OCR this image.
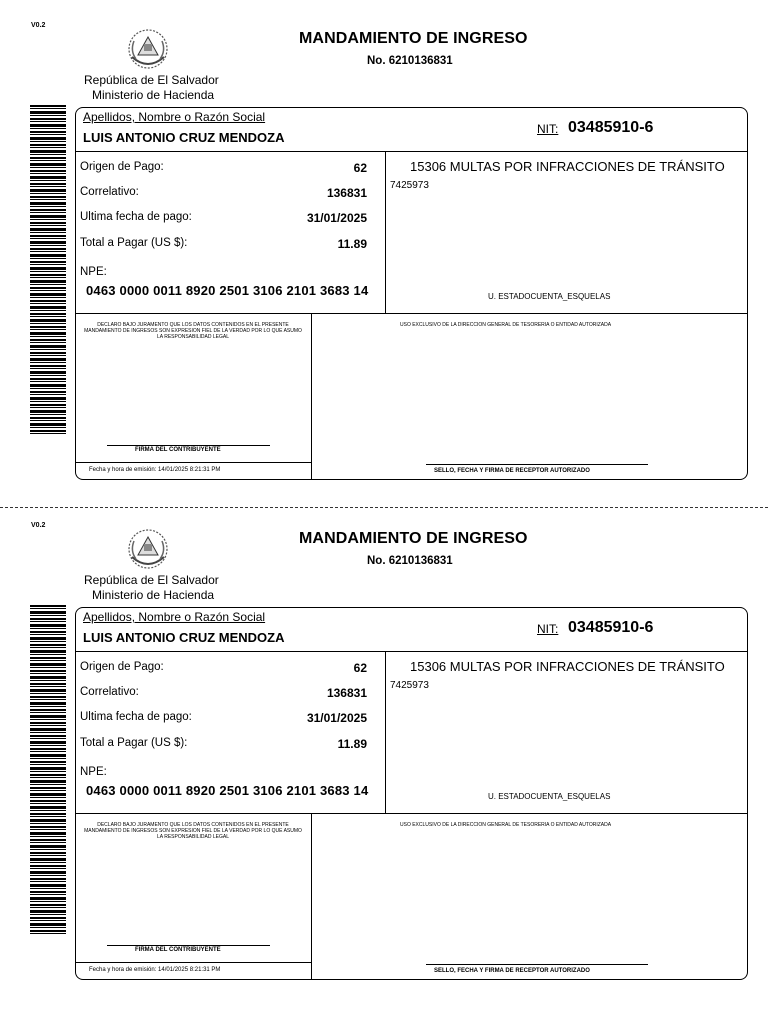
V0.2
República de El Salvador
Ministerio de Hacienda
MANDAMIENTO DE INGRESO
No. 6210136831
Apellidos, Nombre o Razón Social
LUIS ANTONIO CRUZ MENDOZA
NIT: 03485910-6
Origen de Pago:	62
Correlativo:	136831
Ultima fecha de pago:	31/01/2025
Total a Pagar (US $):	11.89
NPE:
0463 0000 0011 8920 2501 3106 2101 3683 14
15306 MULTAS POR INFRACCIONES DE TRÁNSITO
7425973
U. ESTADOCUENTA_ESQUELAS
DECLARO BAJO JURAMENTO QUE LOS DATOS CONTENIDOS EN EL PRESENTE MANDAMIENTO DE INGRESOS SON EXPRESION FIEL DE LA VERDAD POR LO QUE ASUMO LA RESPONSABILIDAD LEGAL
USO EXCLUSIVO DE LA DIRECCION GENERAL DE TESORERIA O ENTIDAD AUTORIZADA
FIRMA DEL CONTRIBUYENTE
Fecha y hora de emisión: 14/01/2025 8:21:31 PM	SELLO, FECHA Y FIRMA DE RECEPTOR AUTORIZADO
V0.2
República de El Salvador
Ministerio de Hacienda
MANDAMIENTO DE INGRESO
No. 6210136831
Apellidos, Nombre o Razón Social
LUIS ANTONIO CRUZ MENDOZA
NIT: 03485910-6
Origen de Pago:	62
Correlativo:	136831
Ultima fecha de pago:	31/01/2025
Total a Pagar (US $):	11.89
NPE:
0463 0000 0011 8920 2501 3106 2101 3683 14
15306 MULTAS POR INFRACCIONES DE TRÁNSITO
7425973
U. ESTADOCUENTA_ESQUELAS
DECLARO BAJO JURAMENTO QUE LOS DATOS CONTENIDOS EN EL PRESENTE MANDAMIENTO DE INGRESOS SON EXPRESION FIEL DE LA VERDAD POR LO QUE ASUMO LA RESPONSABILIDAD LEGAL
USO EXCLUSIVO DE LA DIRECCION GENERAL DE TESORERIA O ENTIDAD AUTORIZADA
FIRMA DEL CONTRIBUYENTE
Fecha y hora de emisión: 14/01/2025 8:21:31 PM	SELLO, FECHA Y FIRMA DE RECEPTOR AUTORIZADO
